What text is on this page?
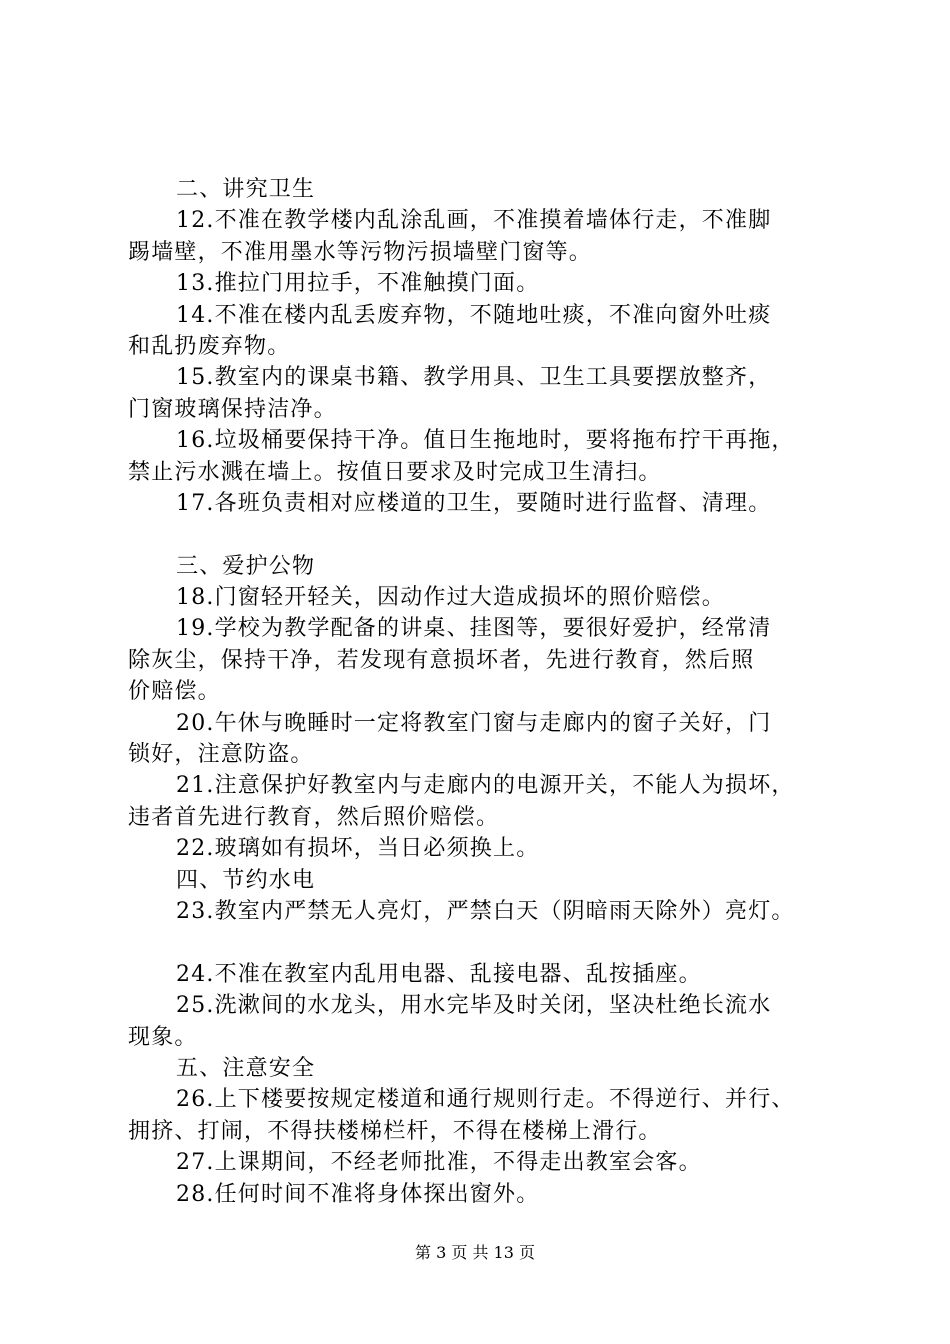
二、讲究卫生
12.不准在教学楼内乱涂乱画，不准摸着墙体行走，不准脚
踢墙壁，不准用墨水等污物污损墙壁门窗等。
13.推拉门用拉手，不准触摸门面。
14.不准在楼内乱丢废弃物，不随地吐痰，不准向窗外吐痰
和乱扔废弃物。
15.教室内的课桌书籍、教学用具、卫生工具要摆放整齐，
门窗玻璃保持洁净。
16.垃圾桶要保持干净。值日生拖地时，要将拖布拧干再拖，
禁止污水溅在墙上。按值日要求及时完成卫生清扫。
17.各班负责相对应楼道的卫生，要随时进行监督、清理。
三、爱护公物
18.门窗轻开轻关，因动作过大造成损坏的照价赔偿。
19.学校为教学配备的讲桌、挂图等，要很好爱护，经常清
除灰尘，保持干净，若发现有意损坏者，先进行教育，然后照
价赔偿。
20.午休与晚睡时一定将教室门窗与走廊内的窗子关好，门
锁好，注意防盗。
21.注意保护好教室内与走廊内的电源开关，不能人为损坏，
违者首先进行教育，然后照价赔偿。
22.玻璃如有损坏，当日必须换上。
四、节约水电
23.教室内严禁无人亮灯，严禁白天（阴暗雨天除外）亮灯。
24.不准在教室内乱用电器、乱接电器、乱按插座。
25.洗漱间的水龙头，用水完毕及时关闭，坚决杜绝长流水
现象。
五、注意安全
26.上下楼要按规定楼道和通行规则行走。不得逆行、并行、
拥挤、打闹，不得扶楼梯栏杆，不得在楼梯上滑行。
27.上课期间，不经老师批准，不得走出教室会客。
28.任何时间不准将身体探出窗外。
第 3 页 共 13 页
